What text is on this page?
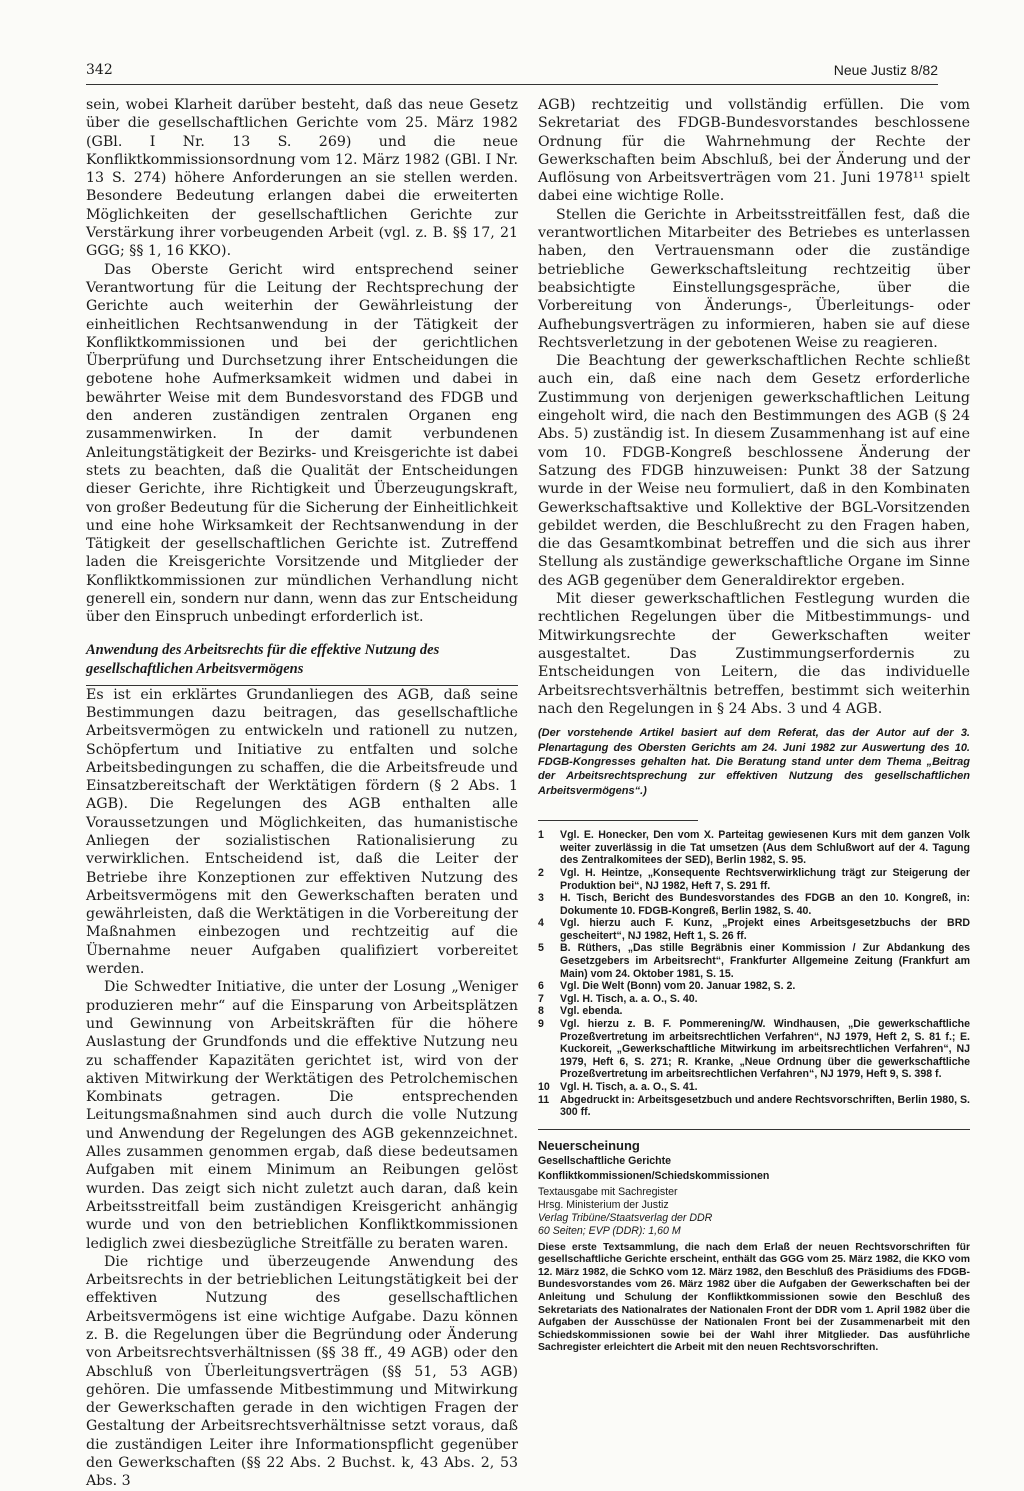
342	Neue Justiz 8/82

sein, wobei Klarheit darüber besteht, daß das neue Gesetz über die gesellschaftlichen Gerichte vom 25. März 1982 (GBl. I Nr. 13 S. 269) und die neue Konfliktkommissionsordnung vom 12. März 1982 (GBl. I Nr. 13 S. 274) höhere Anforderungen an sie stellen werden. Besondere Bedeutung erlangen dabei die erweiterten Möglichkeiten der gesellschaftlichen Gerichte zur Verstärkung ihrer vorbeugenden Arbeit (vgl. z. B. §§ 17, 21 GGG; §§ 1, 16 KKO).

Das Oberste Gericht wird entsprechend seiner Verantwortung für die Leitung der Rechtsprechung der Gerichte auch weiterhin der Gewährleistung der einheitlichen Rechtsanwendung in der Tätigkeit der Konfliktkommissionen und bei der gerichtlichen Überprüfung und Durchsetzung ihrer Entscheidungen die gebotene hohe Aufmerksamkeit widmen und dabei in bewährter Weise mit dem Bundesvorstand des FDGB und den anderen zuständigen zentralen Organen eng zusammenwirken. In der damit verbundenen Anleitungstätigkeit der Bezirks- und Kreisgerichte ist dabei stets zu beachten, daß die Qualität der Entscheidungen dieser Gerichte, ihre Richtigkeit und Überzeugungskraft, von großer Bedeutung für die Sicherung der Einheitlichkeit und eine hohe Wirksamkeit der Rechtsanwendung in der Tätigkeit der gesellschaftlichen Gerichte ist. Zutreffend laden die Kreisgerichte Vorsitzende und Mitglieder der Konfliktkommissionen zur mündlichen Verhandlung nicht generell ein, sondern nur dann, wenn das zur Entscheidung über den Einspruch unbedingt erforderlich ist.

Anwendung des Arbeitsrechts für die effektive Nutzung des gesellschaftlichen Arbeitsvermögens

Es ist ein erklärtes Grundanliegen des AGB, daß seine Bestimmungen dazu beitragen, das gesellschaftliche Arbeitsvermögen zu entwickeln und rationell zu nutzen, Schöpfertum und Initiative zu entfalten und solche Arbeitsbedingungen zu schaffen, die die Arbeitsfreude und Einsatzbereitschaft der Werktätigen fördern (§ 2 Abs. 1 AGB). Die Regelungen des AGB enthalten alle Voraussetzungen und Möglichkeiten, das humanistische Anliegen der sozialistischen Rationalisierung zu verwirklichen. Entscheidend ist, daß die Leiter der Betriebe ihre Konzeptionen zur effektiven Nutzung des Arbeitsvermögens mit den Gewerkschaften beraten und gewährleisten, daß die Werktätigen in die Vorbereitung der Maßnahmen einbezogen und rechtzeitig auf die Übernahme neuer Aufgaben qualifiziert vorbereitet werden.

Die Schwedter Initiative, die unter der Losung „Weniger produzieren mehr“ auf die Einsparung von Arbeitsplätzen und Gewinnung von Arbeitskräften für die höhere Auslastung der Grundfonds und die effektive Nutzung neu zu schaffender Kapazitäten gerichtet ist, wird von der aktiven Mitwirkung der Werktätigen des Petrolchemischen Kombinats getragen. Die entsprechenden Leitungsmaßnahmen sind auch durch die volle Nutzung und Anwendung der Regelungen des AGB gekennzeichnet. Alles zusammen genommen ergab, daß diese bedeutsamen Aufgaben mit einem Minimum an Reibungen gelöst wurden. Das zeigt sich nicht zuletzt auch daran, daß kein Arbeitsstreitfall beim zuständigen Kreisgericht anhängig wurde und von den betrieblichen Konfliktkommissionen lediglich zwei diesbezügliche Streitfälle zu beraten waren.

Die richtige und überzeugende Anwendung des Arbeitsrechts in der betrieblichen Leitungstätigkeit bei der effektiven Nutzung des gesellschaftlichen Arbeitsvermögens ist eine wichtige Aufgabe. Dazu können z. B. die Regelungen über die Begründung oder Änderung von Arbeitsrechtsverhältnissen (§§ 38 ff., 49 AGB) oder den Abschluß von Überleitungsverträgen (§§ 51, 53 AGB) gehören. Die umfassende Mitbestimmung und Mitwirkung der Gewerkschaften gerade in den wichtigen Fragen der Gestaltung der Arbeitsrechtsverhältnisse setzt voraus, daß die zuständigen Leiter ihre Informationspflicht gegenüber den Gewerkschaften (§§ 22 Abs. 2 Buchst. k, 43 Abs. 2, 53 Abs. 3

AGB) rechtzeitig und vollständig erfüllen. Die vom Sekretariat des FDGB-Bundesvorstandes beschlossene Ordnung für die Wahrnehmung der Rechte der Gewerkschaften beim Abschluß, bei der Änderung und der Auflösung von Arbeitsverträgen vom 21. Juni 1978¹¹ spielt dabei eine wichtige Rolle.

Stellen die Gerichte in Arbeitsstreitfällen fest, daß die verantwortlichen Mitarbeiter des Betriebes es unterlassen haben, den Vertrauensmann oder die zuständige betriebliche Gewerkschaftsleitung rechtzeitig über beabsichtigte Einstellungsgespräche, über die Vorbereitung von Änderungs-, Überleitungs- oder Aufhebungsverträgen zu informieren, haben sie auf diese Rechtsverletzung in der gebotenen Weise zu reagieren.

Die Beachtung der gewerkschaftlichen Rechte schließt auch ein, daß eine nach dem Gesetz erforderliche Zustimmung von derjenigen gewerkschaftlichen Leitung eingeholt wird, die nach den Bestimmungen des AGB (§ 24 Abs. 5) zuständig ist. In diesem Zusammenhang ist auf eine vom 10. FDGB-Kongreß beschlossene Änderung der Satzung des FDGB hinzuweisen: Punkt 38 der Satzung wurde in der Weise neu formuliert, daß in den Kombinaten Gewerkschaftsaktive und Kollektive der BGL-Vorsitzenden gebildet werden, die Beschlußrecht zu den Fragen haben, die das Gesamtkombinat betreffen und die sich aus ihrer Stellung als zuständige gewerkschaftliche Organe im Sinne des AGB gegenüber dem Generaldirektor ergeben.

Mit dieser gewerkschaftlichen Festlegung wurden die rechtlichen Regelungen über die Mitbestimmungs- und Mitwirkungsrechte der Gewerkschaften weiter ausgestaltet. Das Zustimmungserfordernis zu Entscheidungen von Leitern, die das individuelle Arbeitsrechtsverhältnis betreffen, bestimmt sich weiterhin nach den Regelungen in § 24 Abs. 3 und 4 AGB.

(Der vorstehende Artikel basiert auf dem Referat, das der Autor auf der 3. Plenartagung des Obersten Gerichts am 24. Juni 1982 zur Auswertung des 10. FDGB-Kongresses gehalten hat. Die Beratung stand unter dem Thema „Beitrag der Arbeitsrechtsprechung zur effektiven Nutzung des gesellschaftlichen Arbeitsvermögens“.)

1	Vgl. E. Honecker, Den vom X. Parteitag gewiesenen Kurs mit dem ganzen Volk weiter zuverlässig in die Tat umsetzen (Aus dem Schlußwort auf der 4. Tagung des Zentralkomitees der SED), Berlin 1982, S. 95.
2	Vgl. H. Heintze, „Konsequente Rechtsverwirklichung trägt zur Steigerung der Produktion bei“, NJ 1982, Heft 7, S. 291 ff.
3	H. Tisch, Bericht des Bundesvorstandes des FDGB an den 10. Kongreß, in: Dokumente 10. FDGB-Kongreß, Berlin 1982, S. 40.
4	Vgl. hierzu auch F. Kunz, „Projekt eines Arbeitsgesetzbuchs der BRD gescheitert“, NJ 1982, Heft 1, S. 26 ff.
5	B. Rüthers, „Das stille Begräbnis einer Kommission / Zur Abdankung des Gesetzgebers im Arbeitsrecht“, Frankfurter Allgemeine Zeitung (Frankfurt am Main) vom 24. Oktober 1981, S. 15.
6	Vgl. Die Welt (Bonn) vom 20. Januar 1982, S. 2.
7	Vgl. H. Tisch, a. a. O., S. 40.
8	Vgl. ebenda.
9	Vgl. hierzu z. B. F. Pommerening/W. Windhausen, „Die gewerkschaftliche Prozeßvertretung im arbeitsrechtlichen Verfahren“, NJ 1979, Heft 2, S. 81 f.; E. Kuckoreit, „Gewerkschaftliche Mitwirkung im arbeitsrechtlichen Verfahren“, NJ 1979, Heft 6, S. 271; R. Kranke, „Neue Ordnung über die gewerkschaftliche Prozeßvertretung im arbeitsrechtlichen Verfahren“, NJ 1979, Heft 9, S. 398 f.
10 Vgl. H. Tisch, a. a. O., S. 41.
11	Abgedruckt in: Arbeitsgesetzbuch und andere Rechtsvorschriften, Berlin 1980, S. 300 ff.

Neuerscheinung

Gesellschaftliche Gerichte

Konfliktkommissionen/Schiedskommissionen

Textausgabe mit Sachregister

Hrsg. Ministerium der Justiz

Verlag Tribüne/Staatsverlag der DDR

60 Seiten; EVP (DDR): 1,60 M

Diese erste Textsammlung, die nach dem Erlaß der neuen Rechtsvorschriften für gesellschaftliche Gerichte erscheint, enthält das GGG vom 25. März 1982, die KKO vom 12. März 1982, die SchKO vom 12. März 1982, den Beschluß des Präsidiums des FDGB-Bundesvorstandes vom 26. März 1982 über die Aufgaben der Gewerkschaften bei der Anleitung und Schulung der Konfliktkommissionen sowie den Beschluß des Sekretariats des Nationalrates der Nationalen Front der DDR vom 1. April 1982 über die Aufgaben der Ausschüsse der Nationalen Front bei der Zusammenarbeit mit den Schiedskommissionen sowie bei der Wahl ihrer Mitglieder. Das ausführliche Sachregister erleichtert die Arbeit mit den neuen Rechtsvorschriften.
